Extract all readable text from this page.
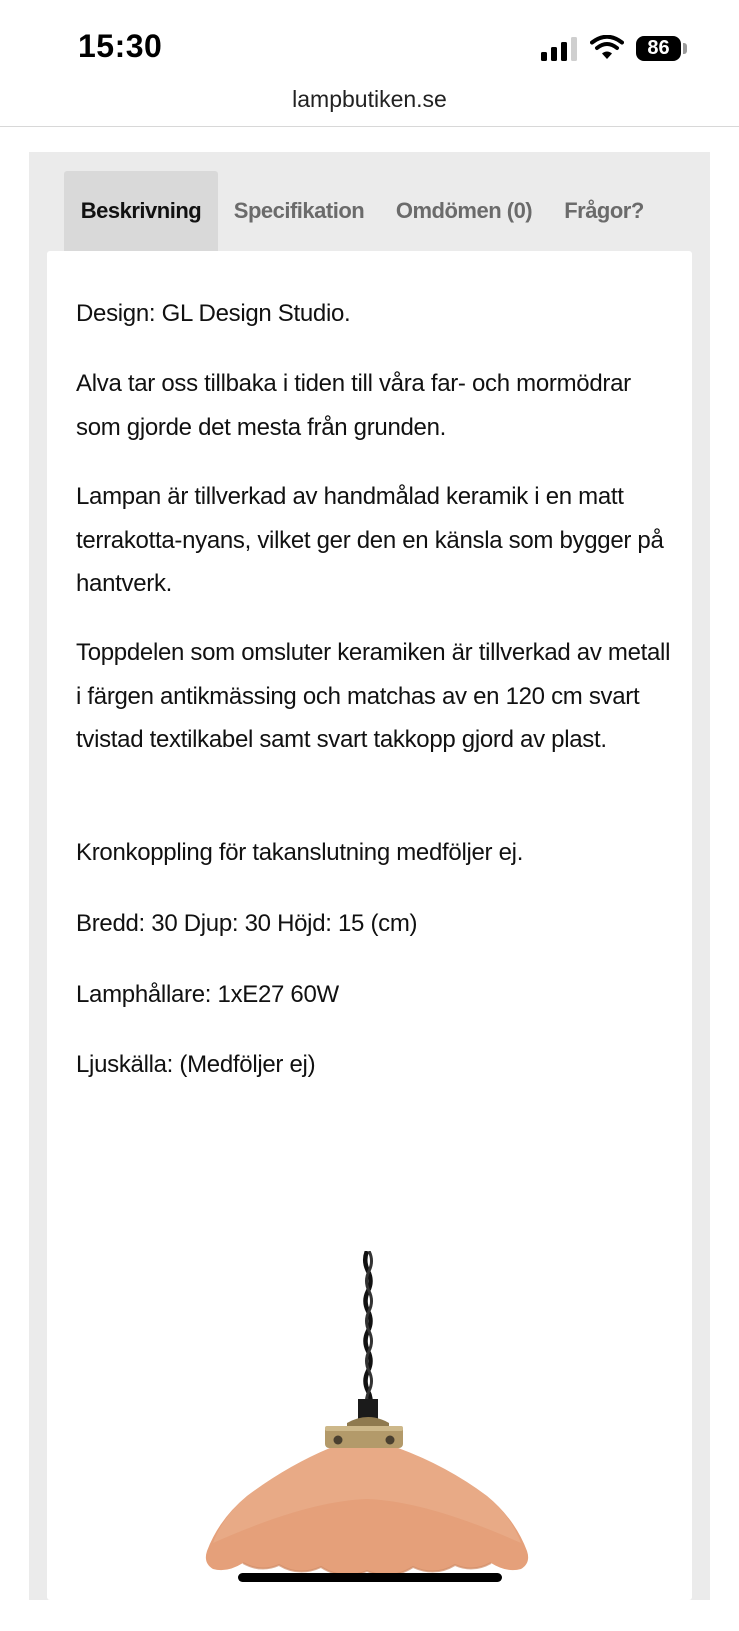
15:30	86
lampbutiken.se
Beskrivning	Specifikation	Omdömen (0)	Frågor?

Design: GL Design Studio.

Alva tar oss tillbaka i tiden till våra far- och mormödrar som gjorde det mesta från grunden.

Lampan är tillverkad av handmålad keramik i en matt terrakotta-nyans, vilket ger den en känsla som bygger på hantverk.

Toppdelen som omsluter keramiken är tillverkad av metall i färgen antikmässing och matchas av en 120 cm svart tvistad textilkabel samt svart takkopp gjord av plast.

Kronkoppling för takanslutning medföljer ej.

Bredd: 30 Djup: 30 Höjd: 15 (cm)

Lamphållare: 1xE27 60W

Ljuskälla: (Medföljer ej)
